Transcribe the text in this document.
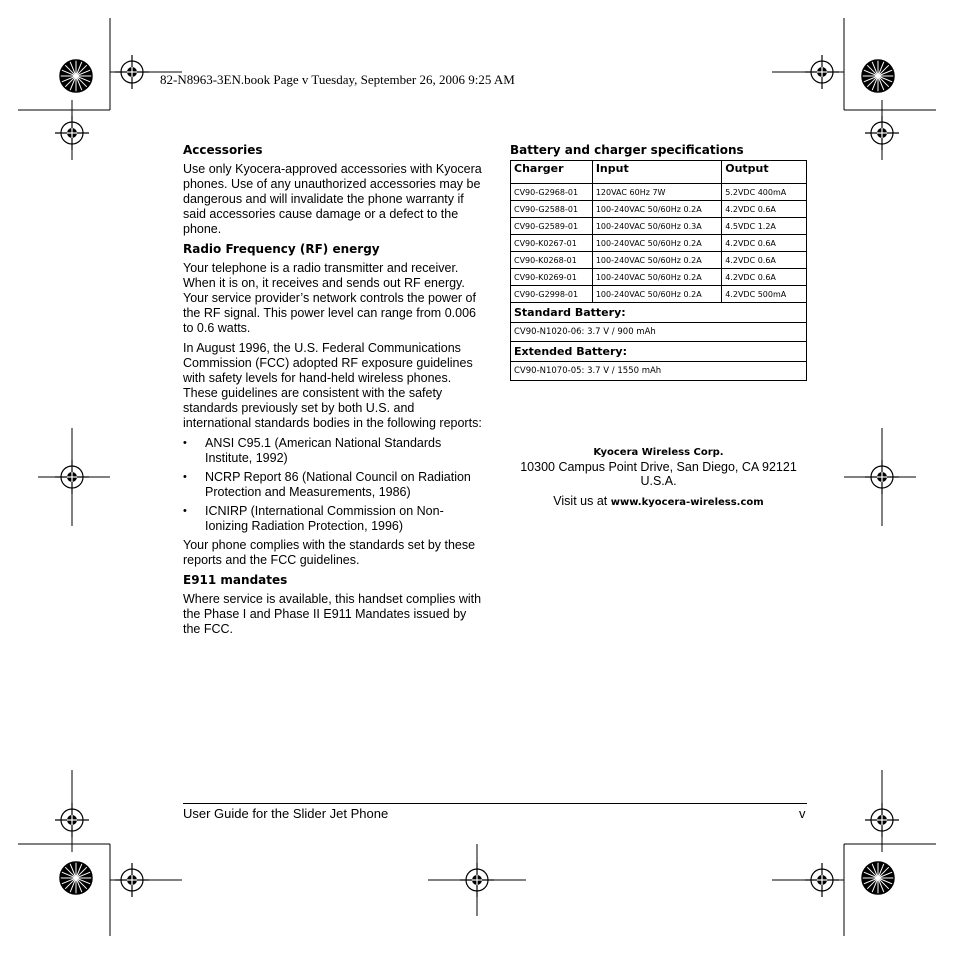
82-N8963-3EN.book Page v Tuesday, September 26, 2006 9:25 AM
Accessories

Use only Kyocera-approved accessories with Kyocera phones. Use of any unauthorized accessories may be dangerous and will invalidate the phone warranty if said accessories cause damage or a defect to the phone.

Radio Frequency (RF) energy

Your telephone is a radio transmitter and receiver. When it is on, it receives and sends out RF energy. Your service provider’s network controls the power of the RF signal. This power level can range from 0.006 to 0.6 watts.

In August 1996, the U.S. Federal Communications Commission (FCC) adopted RF exposure guidelines with safety levels for hand-held wireless phones. These guidelines are consistent with the safety standards previously set by both U.S. and international standards bodies in the following reports:

• ANSI C95.1 (American National Standards Institute, 1992)
• NCRP Report 86 (National Council on Radiation Protection and Measurements, 1986)
• ICNIRP (International Commission on Non-Ionizing Radiation Protection, 1996)

Your phone complies with the standards set by these reports and the FCC guidelines.

E911 mandates

Where service is available, this handset complies with the Phase I and Phase II E911 Mandates issued by the FCC.

Battery and charger specifications
Charger	Input	Output
CV90-G2968-01	120VAC 60Hz 7W	5.2VDC 400mA
CV90-G2588-01	100-240VAC 50/60Hz 0.2A	4.2VDC 0.6A
CV90-G2589-01	100-240VAC 50/60Hz 0.3A	4.5VDC 1.2A
CV90-K0267-01	100-240VAC 50/60Hz 0.2A	4.2VDC 0.6A
CV90-K0268-01	100-240VAC 50/60Hz 0.2A	4.2VDC 0.6A
CV90-K0269-01	100-240VAC 50/60Hz 0.2A	4.2VDC 0.6A
CV90-G2998-01	100-240VAC 50/60Hz 0.2A	4.2VDC 500mA
Standard Battery:		
CV90-N1020-06: 3.7 V / 900 mAh		
Extended Battery:		
CV90-N1070-05: 3.7 V / 1550 mAh		
Kyocera Wireless Corp.
10300 Campus Point Drive, San Diego, CA 92121
U.S.A.
Visit us at www.kyocera-wireless.com
User Guide for the Slider Jet Phone	v
